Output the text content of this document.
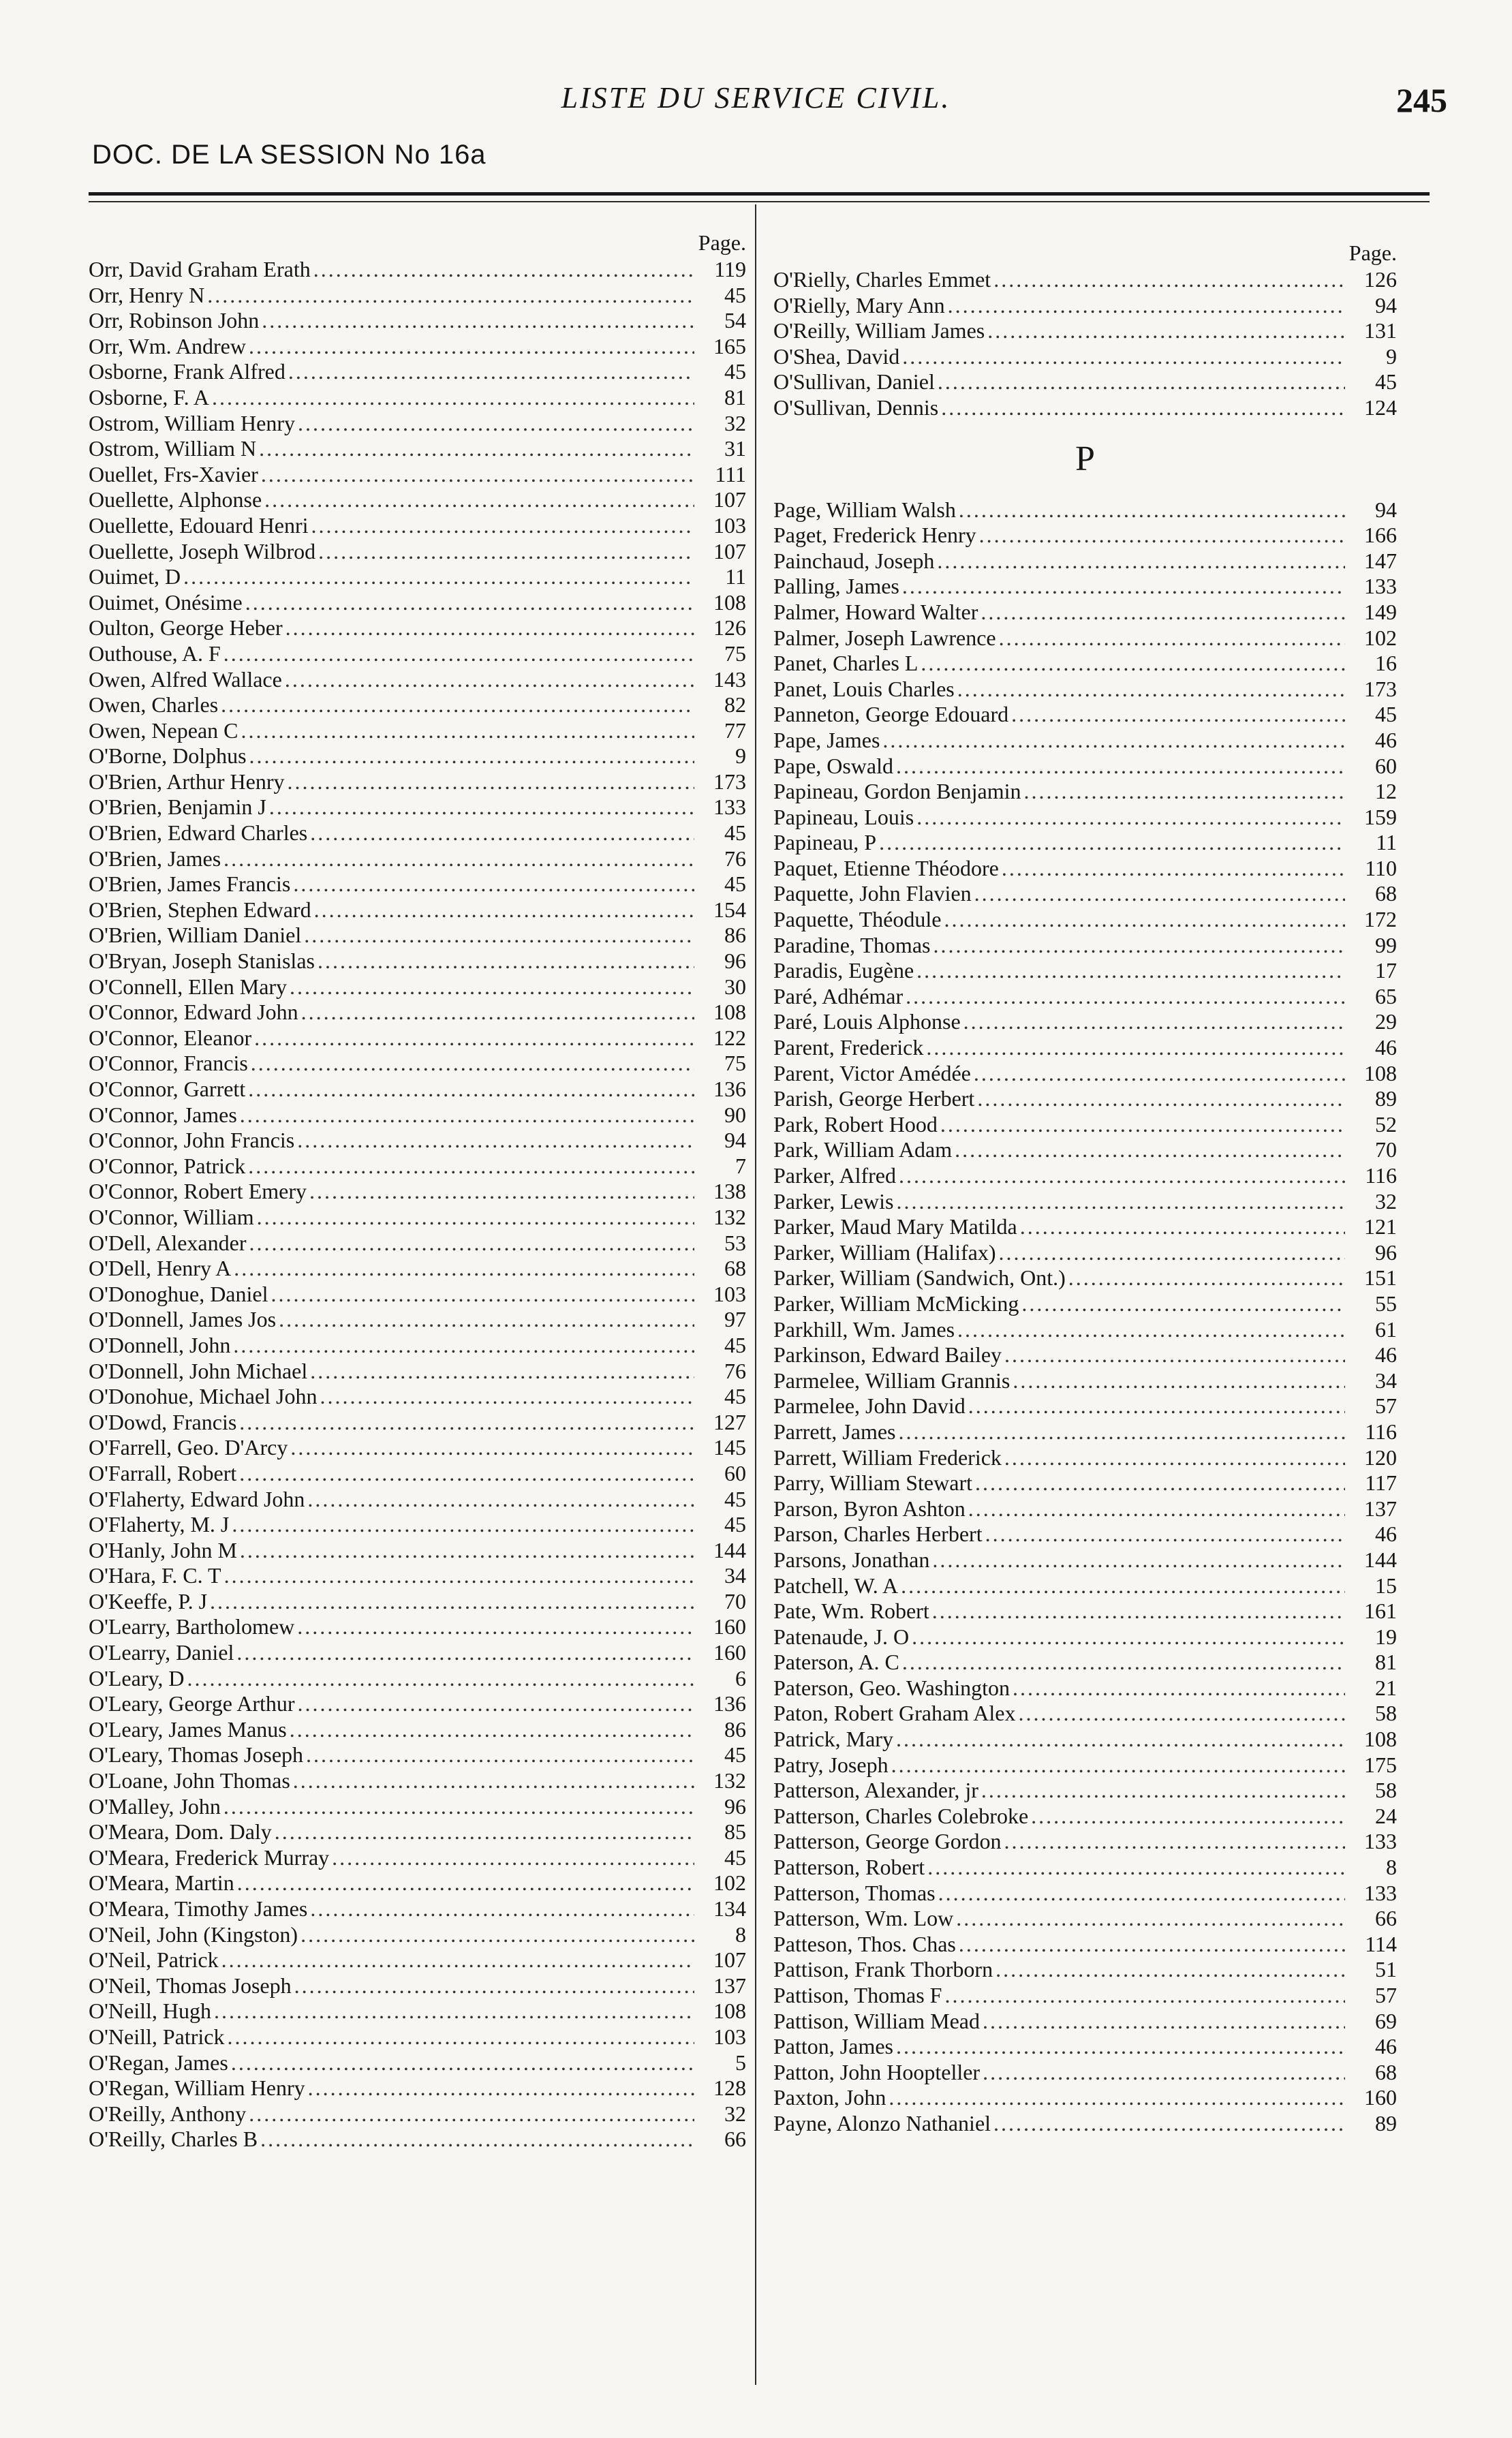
LISTE DU SERVICE CIVIL.	245
DOC. DE LA SESSION No 16a
Page.
Orr, David Graham Erath .....	119
Orr, Henry N .....	45
Orr, Robinson John .....	54
Orr, Wm. Andrew .....	165
Osborne, Frank Alfred .....	45
Osborne, F. A .....	81
Ostrom, William Henry .....	32
Ostrom, William N .....	31
Ouellet, Frs-Xavier .....	111
Ouellette, Alphonse .....	107
Ouellette, Edouard Henri .....	103
Ouellette, Joseph Wilbrod .....	107
Ouimet, D .....	11
Ouimet, Onésime .....	108
Oulton, George Heber .....	126
Outhouse, A. F .....	75
Owen, Alfred Wallace .....	143
Owen, Charles .....	82
Owen, Nepean C .....	77
O'Borne, Dolphus .....	9
O'Brien, Arthur Henry .....	173
O'Brien, Benjamin J .....	133
O'Brien, Edward Charles .....	45
O'Brien, James .....	76
O'Brien, James Francis .....	45
O'Brien, Stephen Edward .....	154
O'Brien, William Daniel .....	86
O'Bryan, Joseph Stanislas .....	96
O'Connell, Ellen Mary .....	30
O'Connor, Edward John .....	108
O'Connor, Eleanor .....	122
O'Connor, Francis .....	75
O'Connor, Garrett .....	136
O'Connor, James .....	90
O'Connor, John Francis .....	94
O'Connor, Patrick .....	7
O'Connor, Robert Emery .....	138
O'Connor, William .....	132
O'Dell, Alexander .....	53
O'Dell, Henry A .....	68
O'Donoghue, Daniel .....	103
O'Donnell, James Jos .....	97
O'Donnell, John .....	45
O'Donnell, John Michael .....	76
O'Donohue, Michael John .....	45
O'Dowd, Francis .....	127
O'Farrell, Geo. D'Arcy .....	145
O'Farrall, Robert .....	60
O'Flaherty, Edward John .....	45
O'Flaherty, M. J .....	45
O'Hanly, John M .....	144
O'Hara, F. C. T .....	34
O'Keeffe, P. J .....	70
O'Learry, Bartholomew .....	160
O'Learry, Daniel .....	160
O'Leary, D .....	6
O'Leary, George Arthur .....	136
O'Leary, James Manus .....	86
O'Leary, Thomas Joseph .....	45
O'Loane, John Thomas .....	132
O'Malley, John .....	96
O'Meara, Dom. Daly .....	85
O'Meara, Frederick Murray .....	45
O'Meara, Martin .....	102
O'Meara, Timothy James .....	134
O'Neil, John (Kingston) .....	8
O'Neil, Patrick .....	107
O'Neil, Thomas Joseph .....	137
O'Neill, Hugh .....	108
O'Neill, Patrick .....	103
O'Regan, James .....	5
O'Regan, William Henry .....	128
O'Reilly, Anthony .....	32
O'Reilly, Charles B .....	66
Page.
O'Rielly, Charles Emmet .....	126
O'Rielly, Mary Ann .....	94
O'Reilly, William James .....	131
O'Shea, David .....	9
O'Sullivan, Daniel .....	45
O'Sullivan, Dennis .....	124
P
Page, William Walsh .....	94
Paget, Frederick Henry .....	166
Painchaud, Joseph .....	147
Palling, James .....	133
Palmer, Howard Walter .....	149
Palmer, Joseph Lawrence .....	102
Panet, Charles L .....	16
Panet, Louis Charles .....	173
Panneton, George Edouard .....	45
Pape, James .....	46
Pape, Oswald .....	60
Papineau, Gordon Benjamin .....	12
Papineau, Louis .....	159
Papineau, P .....	11
Paquet, Etienne Théodore .....	110
Paquette, John Flavien .....	68
Paquette, Théodule .....	172
Paradine, Thomas .....	99
Paradis, Eugène .....	17
Paré, Adhémar .....	65
Paré, Louis Alphonse .....	29
Parent, Frederick .....	46
Parent, Victor Amédée .....	108
Parish, George Herbert .....	89
Park, Robert Hood .....	52
Park, William Adam .....	70
Parker, Alfred .....	116
Parker, Lewis .....	32
Parker, Maud Mary Matilda .....	121
Parker, William (Halifax) .....	96
Parker, William (Sandwich, Ont.) .....	151
Parker, William McMicking .....	55
Parkhill, Wm. James .....	61
Parkinson, Edward Bailey .....	46
Parmelee, William Grannis .....	34
Parmelee, John David .....	57
Parrett, James .....	116
Parrett, William Frederick .....	120
Parry, William Stewart .....	117
Parson, Byron Ashton .....	137
Parson, Charles Herbert .....	46
Parsons, Jonathan .....	144
Patchell, W. A .....	15
Pate, Wm. Robert .....	161
Patenaude, J. O .....	19
Paterson, A. C .....	81
Paterson, Geo. Washington .....	21
Paton, Robert Graham Alex .....	58
Patrick, Mary .....	108
Patry, Joseph .....	175
Patterson, Alexander, jr .....	58
Patterson, Charles Colebroke .....	24
Patterson, George Gordon .....	133
Patterson, Robert .....	8
Patterson, Thomas .....	133
Patterson, Wm. Low .....	66
Patteson, Thos. Chas .....	114
Pattison, Frank Thorborn .....	51
Pattison, Thomas F .....	57
Pattison, William Mead .....	69
Patton, James .....	46
Patton, John Hoopteller .....	68
Paxton, John .....	160
Payne, Alonzo Nathaniel .....	89
